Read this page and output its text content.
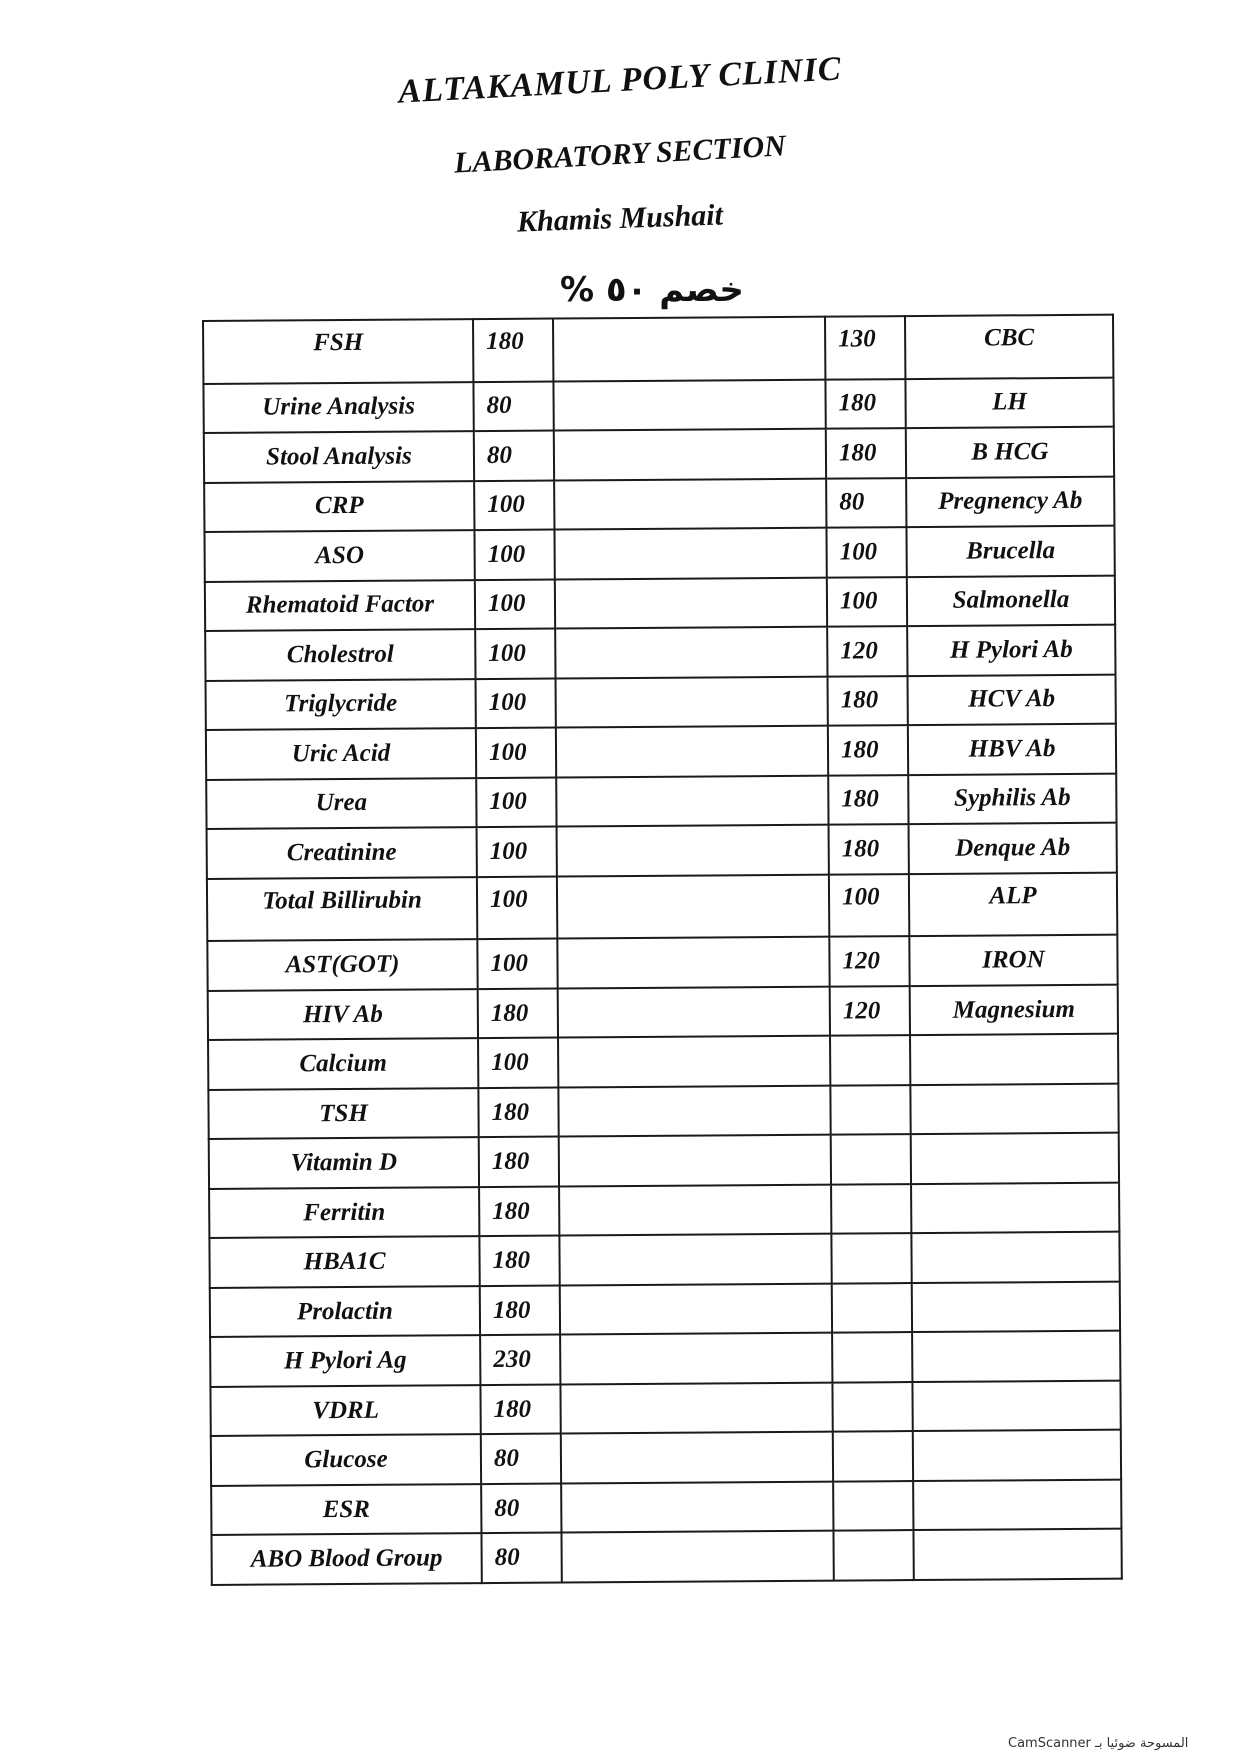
ALTAKAMUL POLY CLINIC
LABORATORY SECTION
Khamis Mushait
خصم ٥٠ %
FSH	180		130	CBC
Urine Analysis	80		180	LH
Stool Analysis	80		180	B HCG
CRP	100		80	Pregnency Ab
ASO	100		100	Brucella
Rhematoid Factor	100		100	Salmonella
Cholestrol	100		120	H Pylori Ab
Triglycride	100		180	HCV Ab
Uric Acid	100		180	HBV Ab
Urea	100		180	Syphilis Ab
Creatinine	100		180	Denque Ab
Total Billirubin	100		100	ALP
AST(GOT)	100		120	IRON
HIV Ab	180		120	Magnesium
Calcium	100			
TSH	180			
Vitamin D	180			
Ferritin	180			
HBA1C	180			
Prolactin	180			
H Pylori Ag	230			
VDRL	180			
Glucose	80			
ESR	80			
ABO Blood Group	80			
CamScanner المسوحة ضوئيا بـ
